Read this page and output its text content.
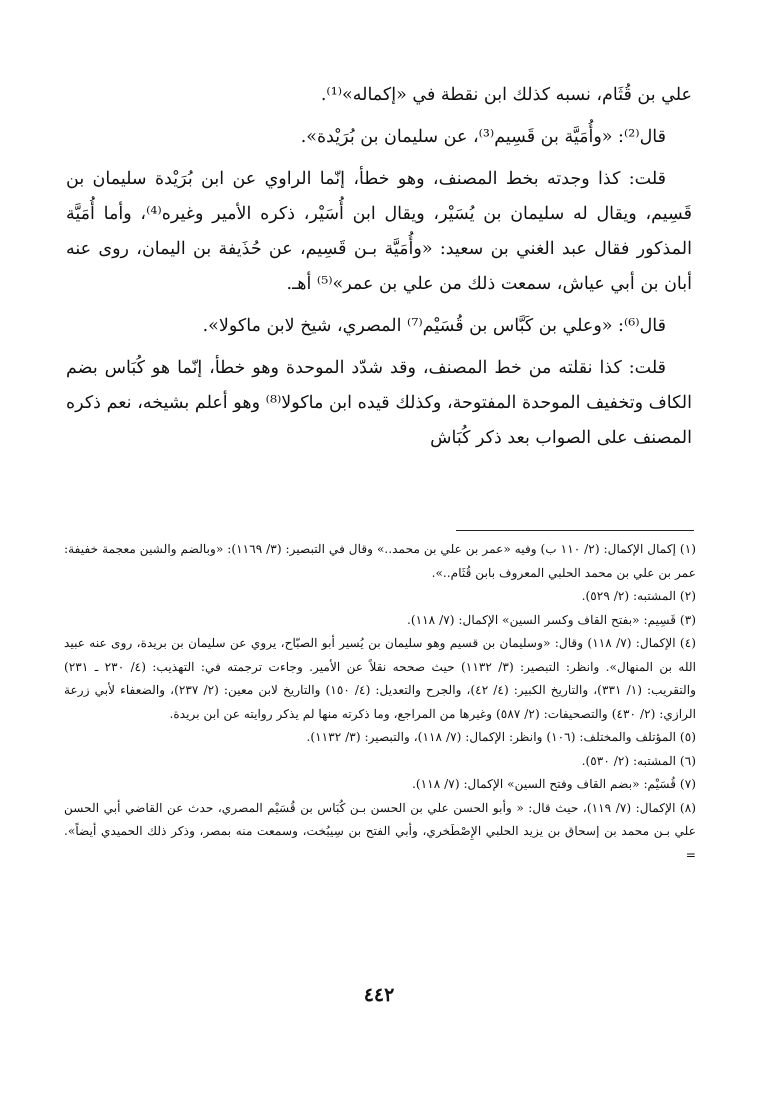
علي بن قُثَام، نسبه كذلك ابن نقطة في «إكماله»⁽¹⁾.

قال⁽²⁾: «وأُمَيَّة بن قَسِيم⁽³⁾، عن سليمان بن بُرَيْدة».

قلت: كذا وجدته بخط المصنف، وهو خطأ، إنّما الراوي عن ابن بُرَيْدة سليمان بن قَسِيم، ويقال له سليمان بن يُسَيْر، ويقال ابن أُسَيْر، ذكره الأمير وغيره⁽⁴⁾، وأما أُمَيَّة المذكور فقال عبد الغني بن سعيد: «وأُمَيَّة بـن قَسِيم، عن حُذَيفة بن اليمان، روى عنه أبان بن أبي عياش، سمعت ذلك من علي بن عمر»⁽⁵⁾ أهـ.

قال⁽⁶⁾: «وعلي بن كَبَّاس بن قُسَيْم⁽⁷⁾ المصري، شيخ لابن ماكولا».

قلت: كذا نقلته من خط المصنف، وقد شدّد الموحدة وهو خطأ، إنّما هو كُبَاس بضم الكاف وتخفيف الموحدة المفتوحة، وكذلك قيده ابن ماكولا⁽⁸⁾ وهو أعلم بشيخه، نعم ذكره المصنف على الصواب بعد ذكر كُبَاش

(١) إكمال الإكمال: (٢/ ١١٠ ب) وفيه «عمر بن علي بن محمد..» وقال في التبصير: (٣/ ١١٦٩): «وبالضم والشين معجمة خفيفة: عمر بن علي بن محمد الحلبي المعروف بابن قُثَام..».

(٢) المشتبه: (٢/ ٥٢٩).

(٣) قَسِيم: «بفتح القاف وكسر السين» الإكمال: (٧/ ١١٨).

(٤) الإكمال: (٧/ ١١٨) وقال: «وسليمان بن قسيم وهو سليمان بن يُسير أبو الصبّاح، يروي عن سليمان بن بريدة، روى عنه عبيد الله بن المنهال». وانظر: التبصير: (٣/ ١١٣٢) حيث صححه نقلاً عن الأمير. وجاءت ترجمته في: التهذيب: (٤/ ٢٣٠ ـ ٢٣١) والتقريب: (١/ ٣٣١)، والتاريخ الكبير: (٤/ ٤٢)، والجرح والتعديل: (٤/ ١٥٠) والتاريخ لابن معين: (٢/ ٢٣٧)، والضعفاء لأبي زرعة الرازي: (٢/ ٤٣٠) والتصحيفات: (٢/ ٥٨٧) وغيرها من المراجع، وما ذكرته منها لم يذكر روايته عن ابن بريدة.

(٥) المؤتلف والمختلف: (١٠٦) وانظر: الإكمال: (٧/ ١١٨)، والتبصير: (٣/ ١١٣٢).

(٦) المشتبه: (٢/ ٥٣٠).

(٧) قُسَيْم: «بضم القاف وفتح السين» الإكمال: (٧/ ١١٨).

(٨) الإكمال: (٧/ ١١٩)، حيث قال: « وأبو الحسن علي بن الحسن بـن كُبَاس بن قُسَيْم المصري، حدث عن القاضي أبي الحسن علي بـن محمد بن إسحاق بن يزيد الحلبي الإِصْطَخري، وأبي الفتح بن سِيبُخت، وسمعت منه بمصر، وذكر ذلك الحميدي أيضاً». =

٤٤٢
